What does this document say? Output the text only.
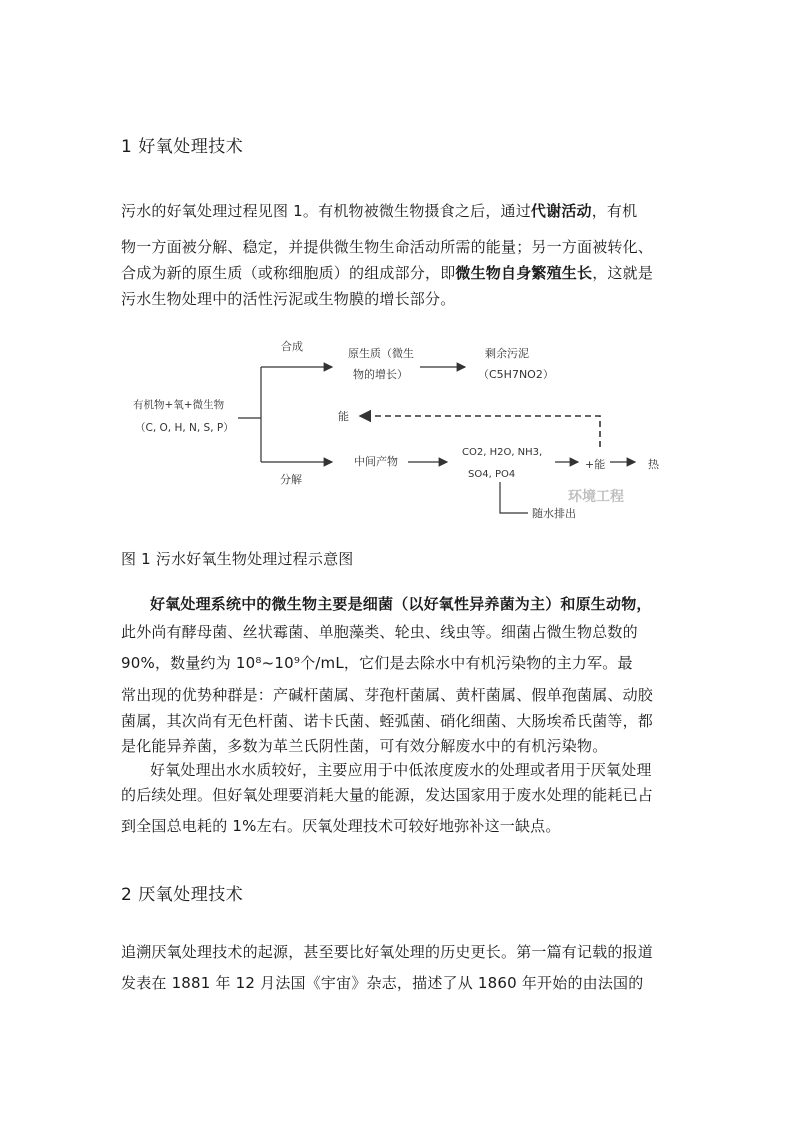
1 好氧处理技术
污水的好氧处理过程见图 1。有机物被微生物摄食之后，通过代谢活动，有机
物一方面被分解、稳定，并提供微生物生命活动所需的能量；另一方面被转化、
合成为新的原生质（或称细胞质）的组成部分，即微生物自身繁殖生长，这就是
污水生物处理中的活性污泥或生物膜的增长部分。
合成
原生质（微生
物的增长）
剩余污泥
（C5H7NO2）
有机物+氧+微生物
（C, O, H, N, S, P）
能
中间产物
分解
CO2, H2O, NH3,
SO4, PO4
+能	热
随水排出
环境工程
图 1 污水好氧生物处理过程示意图
好氧处理系统中的微生物主要是细菌（以好氧性异养菌为主）和原生动物，
此外尚有酵母菌、丝状霉菌、单胞藻类、轮虫、线虫等。细菌占微生物总数的
90%，数量约为 10⁸~10⁹个/mL，它们是去除水中有机污染物的主力军。最
常出现的优势种群是：产碱杆菌属、芽孢杆菌属、黄杆菌属、假单孢菌属、动胶
菌属，其次尚有无色杆菌、诺卡氏菌、蛭弧菌、硝化细菌、大肠埃希氏菌等，都
是化能异养菌，多数为革兰氏阴性菌，可有效分解废水中的有机污染物。
好氧处理出水水质较好，主要应用于中低浓度废水的处理或者用于厌氧处理
的后续处理。但好氧处理要消耗大量的能源，发达国家用于废水处理的能耗已占
到全国总电耗的 1%左右。厌氧处理技术可较好地弥补这一缺点。
2 厌氧处理技术
追溯厌氧处理技术的起源，甚至要比好氧处理的历史更长。第一篇有记载的报道
发表在 1881 年 12 月法国《宇宙》杂志，描述了从 1860 年开始的由法国的
